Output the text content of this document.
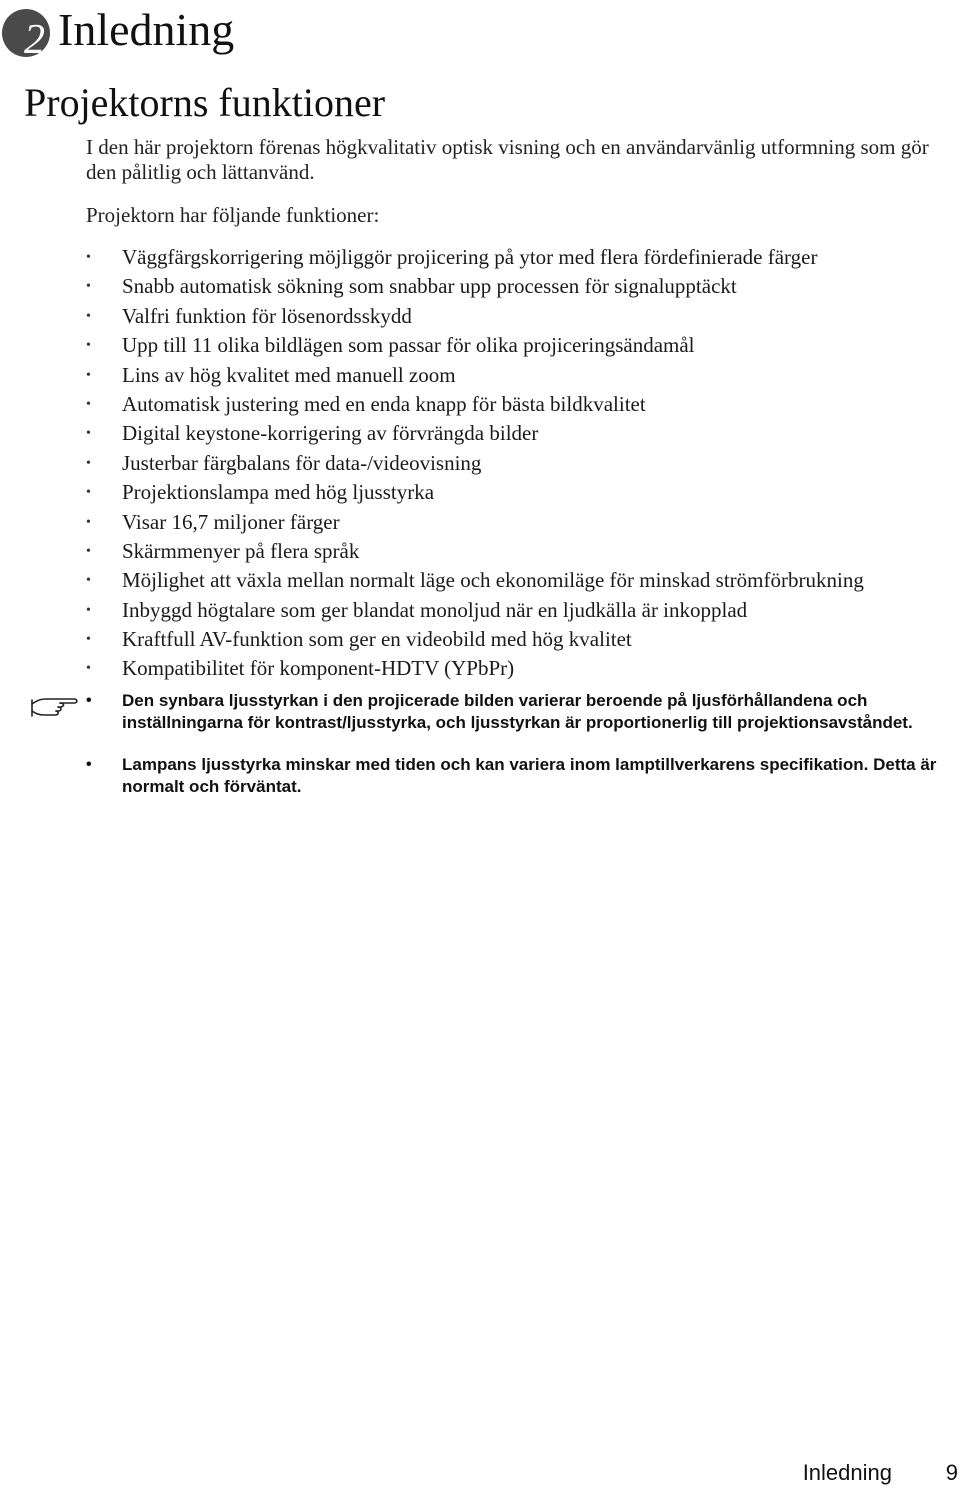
2 Inledning
Projektorns funktioner

I den här projektorn förenas högkvalitativ optisk visning och en användarvänlig utformning som gör den pålitlig och lättanvänd.

Projektorn har följande funktioner:

• Väggfärgskorrigering möjliggör projicering på ytor med flera fördefinierade färger
• Snabb automatisk sökning som snabbar upp processen för signalupptäckt
• Valfri funktion för lösenordsskydd
• Upp till 11 olika bildlägen som passar för olika projiceringsändamål
• Lins av hög kvalitet med manuell zoom
• Automatisk justering med en enda knapp för bästa bildkvalitet
• Digital keystone-korrigering av förvrängda bilder
• Justerbar färgbalans för data-/videovisning
• Projektionslampa med hög ljusstyrka
• Visar 16,7 miljoner färger
• Skärmmenyer på flera språk
• Möjlighet att växla mellan normalt läge och ekonomiläge för minskad strömförbrukning
• Inbyggd högtalare som ger blandat monoljud när en ljudkälla är inkopplad
• Kraftfull AV-funktion som ger en videobild med hög kvalitet
• Kompatibilitet för komponent-HDTV (YPbPr)
• Den synbara ljusstyrkan i den projicerade bilden varierar beroende på ljusförhållandena och inställningarna för kontrast/ljusstyrka, och ljusstyrkan är proportionerlig till projektionsavståndet.
• Lampans ljusstyrka minskar med tiden och kan variera inom lamptillverkarens specifikation. Detta är normalt och förväntat.
Inledning 9
